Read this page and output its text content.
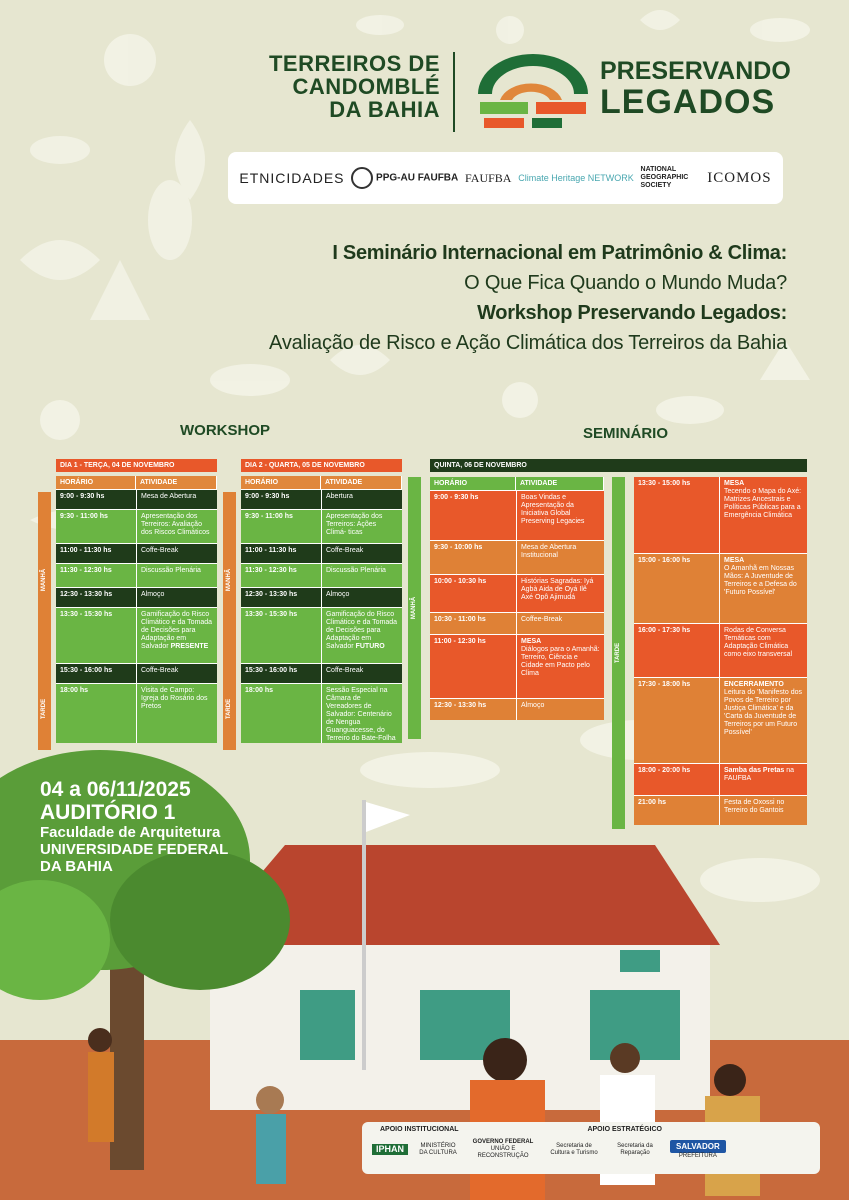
TERREIROS DE
CANDOMBLÉ
DA BAHIA
PRESERVANDO
LEGADOS
ETNICIDADES	PPG-AU FAUFBA FAUFBA Climate Heritage NETWORK
NATIONAL GEOGRAPHIC SOCIETY	ICOMOS
I Seminário Internacional em Patrimônio & Clima:
O Que Fica Quando o Mundo Muda?
Workshop Preservando Legados:
Avaliação de Risco e Ação Climática dos Terreiros da Bahia
WORKSHOP	SEMINÁRIO
MANHÃ
TARDE
DIA 1 - TERÇA, 04 DE NOVEMBRO
HORÁRIO	ATIVIDADE
9:00 - 9:30 hs	Mesa de Abertura
9:30 - 11:00 hs	Apresentação dos Terreiros: Avaliação dos Riscos Climáticos
11:00 - 11:30 hs	Coffe-Break
11:30 - 12:30 hs	Discussão Plenária
12:30 - 13:30 hs	Almoço
13:30 - 15:30 hs	Gamificação do Risco Climático e da Tomada de Decisões para Adaptação em Salvador PRESENTE
15:30 - 16:00 hs	Coffe-Break
18:00 hs	Visita de Campo: Igreja do Rosário dos Pretos
MANHÃ
TARDE
DIA 2 - QUARTA, 05 DE NOVEMBRO
HORÁRIO	ATIVIDADE
9:00 - 9:30 hs	Abertura
9:30 - 11:00 hs	Apresentação dos Terreiros: Ações Climá- ticas
11:00 - 11:30 hs	Coffe-Break
11:30 - 12:30 hs	Discussão Plenária
12:30 - 13:30 hs	Almoço
13:30 - 15:30 hs	Gamificação do Risco Climático e da Tomada de Decisões para Adaptação em Salvador FUTURO
15:30 - 16:00 hs	Coffe-Break
18:00 hs	Sessão Especial na Câmara de Vereadores de Salvador: Centenário de Nengua Guanguacesse, do Terreiro do Bate-Folha
QUINTA, 06 DE NOVEMBRO
MANHÃ
TARDE
HORÁRIO	ATIVIDADE
9:00 - 9:30 hs	Boas Vindas e Apresentação da Iniciativa Global Preserving Legacies
9:30 - 10:00 hs	Mesa de Abertura Institucional
10:00 - 10:30 hs	Histórias Sagradas: Iyá Agbà Aida de Oyá Ilê Axé Opô Ajimudá
10:30 - 11:00 hs	Coffee-Break
11:00 - 12:30 hs	MESA
Diálogos para o Amanhã: Terreiro, Ciência e Cidade em Pacto pelo Clima
12:30 - 13:30 hs	Almoço
13:30 - 15:00 hs	MESA
Tecendo o Mapa do Axé: Matrizes Ancestrais e Políticas Públicas para a Emergência Climática
15:00 - 16:00 hs	MESA
O Amanhã em Nossas Mãos: A Juventude de Terreiros e a Defesa do 'Futuro Possível'
16:00 - 17:30 hs	Rodas de Conversa Temáticas com Adaptação Climática como eixo transversal
17:30 - 18:00 hs	ENCERRAMENTO
Leitura do 'Manifesto dos Povos de Terreiro por Justiça Climática' e da 'Carta da Juventude de Terreiros por um Futuro Possível'
18:00 - 20:00 hs	Samba das Pretas na FAUFBA
21:00 hs	Festa de Oxossi no Terreiro do Gantois
04 a 06/11/2025
AUDITÓRIO 1
Faculdade de Arquitetura
UNIVERSIDADE FEDERAL
DA BAHIA
APOIO INSTITUCIONAL	APOIO ESTRATÉGICO
IPHAN	MINISTÉRIO DA CULTURA
GOVERNO FEDERAL
UNIÃO E RECONSTRUÇÃO
Secretaria de Cultura e Turismo
Secretaria da Reparação
SALVADOR
PREFEITURA
